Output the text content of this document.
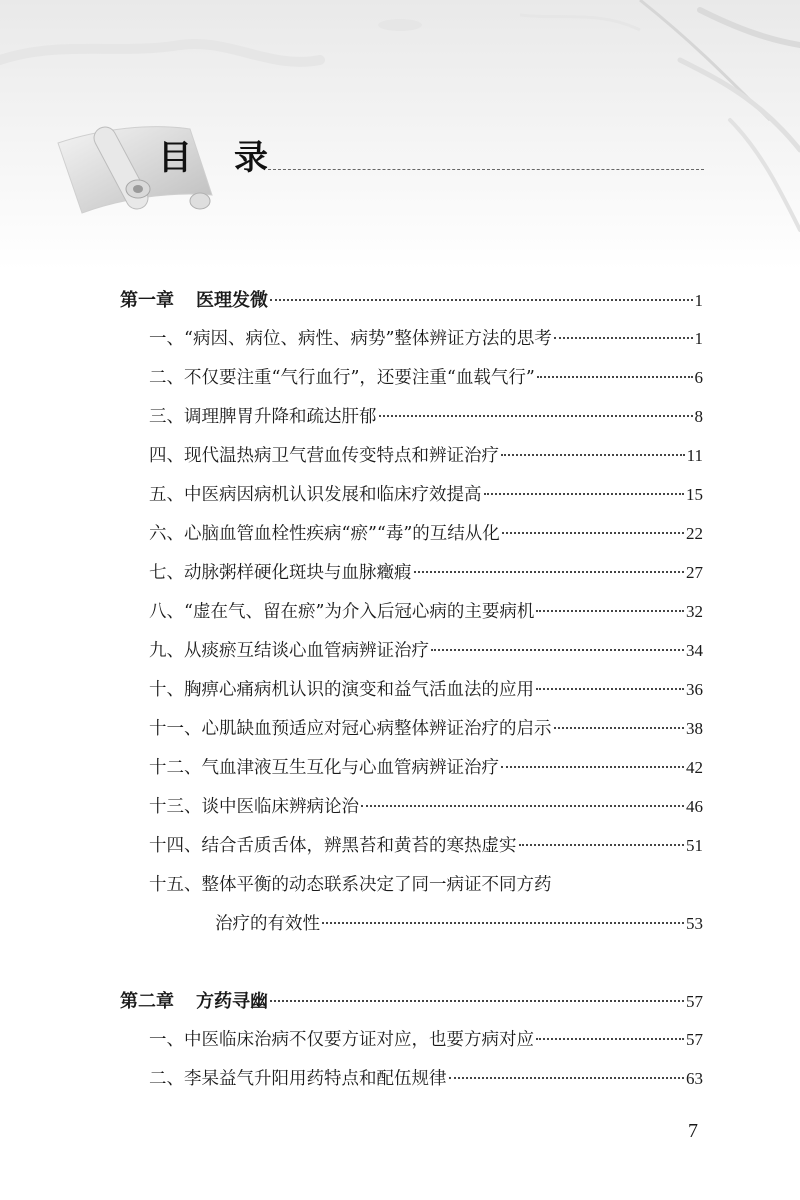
目录
第一章 医理发微	1
一、“病因、病位、病性、病势”整体辨证方法的思考	1
二、不仅要注重“气行血行”，还要注重“血载气行”	6
三、调理脾胃升降和疏达肝郁	8
四、现代温热病卫气营血传变特点和辨证治疗	11
五、中医病因病机认识发展和临床疗效提高	15
六、心脑血管血栓性疾病“瘀”“毒”的互结从化	22
七、动脉粥样硬化斑块与血脉癥瘕	27
八、“虚在气、留在瘀”为介入后冠心病的主要病机	32
九、从痰瘀互结谈心血管病辨证治疗	34
十、胸痹心痛病机认识的演变和益气活血法的应用	36
十一、心肌缺血预适应对冠心病整体辨证治疗的启示	38
十二、气血津液互生互化与心血管病辨证治疗	42
十三、谈中医临床辨病论治	46
十四、结合舌质舌体，辨黑苔和黄苔的寒热虚实	51
十五、整体平衡的动态联系决定了同一病证不同方药
治疗的有效性	53
第二章 方药寻幽	57
一、中医临床治病不仅要方证对应，也要方病对应	57
二、李杲益气升阳用药特点和配伍规律	63
7
